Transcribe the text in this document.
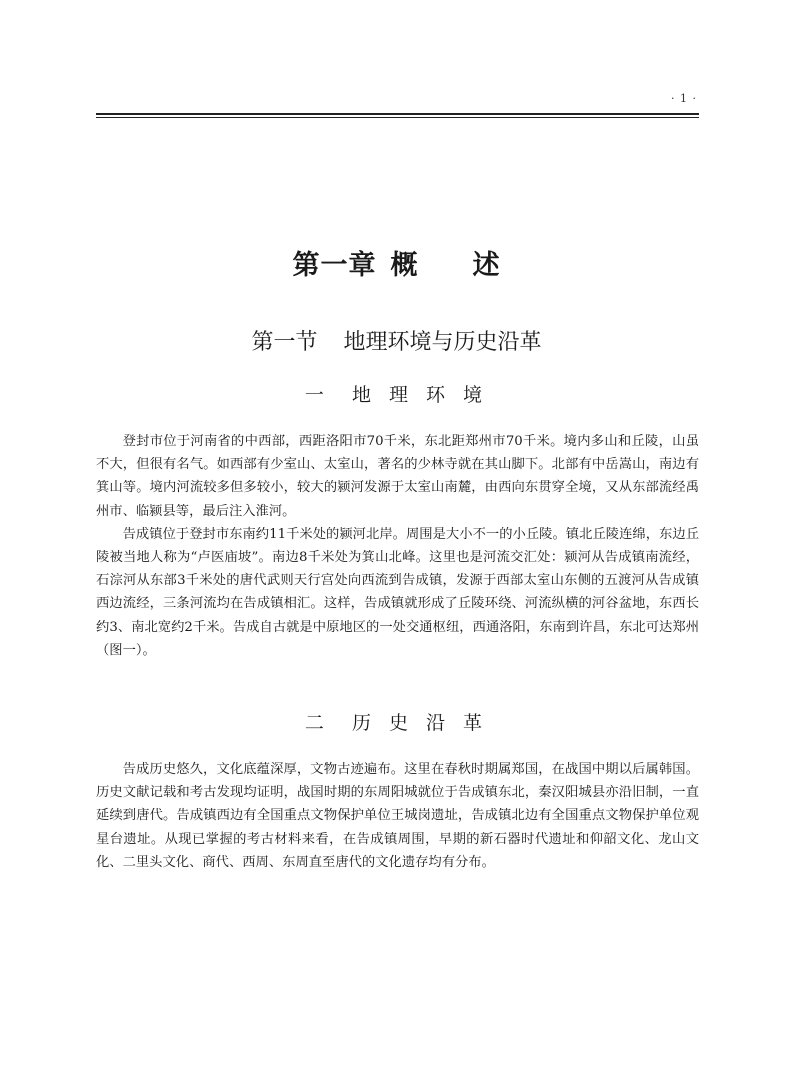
· 1 ·
第一章 概 述
第一节 地理环境与历史沿革
一 地 理 环 境

登封市位于河南省的中西部，西距洛阳市70千米，东北距郑州市70千米。境内多山和丘陵，山虽不大，但很有名气。如西部有少室山、太室山，著名的少林寺就在其山脚下。北部有中岳嵩山，南边有箕山等。境内河流较多但多较小，较大的颍河发源于太室山南麓，由西向东贯穿全境，又从东部流经禹州市、临颍县等，最后注入淮河。

告成镇位于登封市东南约11千米处的颍河北岸。周围是大小不一的小丘陵。镇北丘陵连绵，东边丘陵被当地人称为“卢医庙坡”。南边8千米处为箕山北峰。这里也是河流交汇处：颍河从告成镇南流经，石淙河从东部3千米处的唐代武则天行宫处向西流到告成镇，发源于西部太室山东侧的五渡河从告成镇西边流经，三条河流均在告成镇相汇。这样，告成镇就形成了丘陵环绕、河流纵横的河谷盆地，东西长约3、南北宽约2千米。告成自古就是中原地区的一处交通枢纽，西通洛阳，东南到许昌，东北可达郑州（图一）。

二 历 史 沿 革

告成历史悠久，文化底蕴深厚，文物古迹遍布。这里在春秋时期属郑国，在战国中期以后属韩国。历史文献记载和考古发现均证明，战国时期的东周阳城就位于告成镇东北，秦汉阳城县亦沿旧制，一直延续到唐代。告成镇西边有全国重点文物保护单位王城岗遗址，告成镇北边有全国重点文物保护单位观星台遗址。从现已掌握的考古材料来看，在告成镇周围，早期的新石器时代遗址和仰韶文化、龙山文化、二里头文化、商代、西周、东周直至唐代的文化遗存均有分布。
